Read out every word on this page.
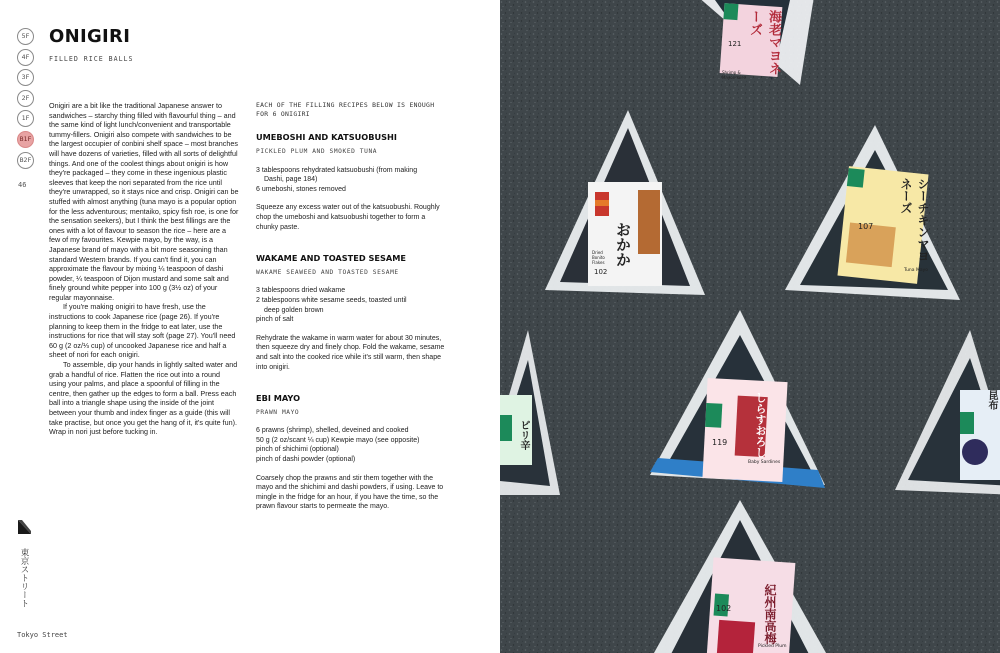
5F
4F
3F
2F
1F
B1F
B2F
46
ONIGIRI
FILLED RICE BALLS

Onigiri are a bit like the traditional Japanese answer to sandwiches – starchy thing filled with flavourful thing – and the same kind of light lunch/convenient and transportable tummy-fillers. Onigiri also compete with sandwiches to be the largest occupier of conbini shelf space – most branches will have dozens of varieties, filled with all sorts of delightful things. And one of the coolest things about onigiri is how they're packaged – they come in these ingenious plastic sleeves that keep the nori separated from the rice until they're unwrapped, so it stays nice and crisp. Onigiri can be stuffed with almost anything (tuna mayo is a popular option for the less adventurous; mentaiko, spicy fish roe, is one for the sensation seekers), but I think the best fillings are the ones with a lot of flavour to season the rice – here are a few of my favourites. Kewpie mayo, by the way, is a Japanese brand of mayo with a bit more seasoning than standard Western brands. If you can't find it, you can approximate the flavour by mixing ¼ teaspoon of dashi powder, ¼ teaspoon of Dijon mustard and some salt and finely ground white pepper into 100 g (3½ oz) of your regular mayonnaise.

If you're making onigiri to have fresh, use the instructions to cook Japanese rice (page 26). If you're planning to keep them in the fridge to eat later, use the instructions for rice that will stay soft (page 27). You'll need 60 g (2 oz/⅓ cup) of uncooked Japanese rice and half a sheet of nori for each onigiri.

To assemble, dip your hands in lightly salted water and grab a handful of rice. Flatten the rice out into a round using your palms, and place a spoonful of filling in the centre, then gather up the edges to form a ball. Press each ball into a triangle shape using the inside of the joint between your thumb and index finger as a guide (this will take practise, but once you get the hang of it, it's quite fun). Wrap in nori just before tucking in.

EACH OF THE FILLING RECIPES BELOW IS ENOUGH FOR 6 ONIGIRI
UMEBOSHI AND KATSUOBUSHI
PICKLED PLUM AND SMOKED TUNA
3 tablespoons rehydrated katsuobushi (from making
Dashi, page 184)
6 umeboshi, stones removed
Squeeze any excess water out of the katsuobushi. Roughly chop the umeboshi and katsuobushi together to form a chunky paste.
WAKAME AND TOASTED SESAME
WAKAME SEAWEED AND TOASTED SESAME
3 tablespoons dried wakame
2 tablespoons white sesame seeds, toasted until
deep golden brown
pinch of salt
Rehydrate the wakame in warm water for about 30 minutes, then squeeze dry and finely chop. Fold the wakame, sesame and salt into the cooked rice while it's still warm, then shape into onigiri.
EBI MAYO
PRAWN MAYO
6 prawns (shrimp), shelled, deveined and cooked
50 g (2 oz/scant ¼ cup) Kewpie mayo (see opposite)
pinch of shichimi (optional)
pinch of dashi powder (optional)
Coarsely chop the prawns and stir them together with the mayo and the shichimi and dashi powders, if using. Leave to mingle in the fridge for an hour, if you have the time, so the prawn flavour starts to permeate the mayo.
東京ストリート
Tokyo Street
海老マヨネーズ
121
Shrimp & Mayonnaise
おかか
102
Dried Bonito Flakes
シーチキンマヨネーズ
107
Tuna Mayo
しらすおろし
119
Baby Sardines
ピリ辛
昆布
紀州南高梅
102
Pickled Plum
